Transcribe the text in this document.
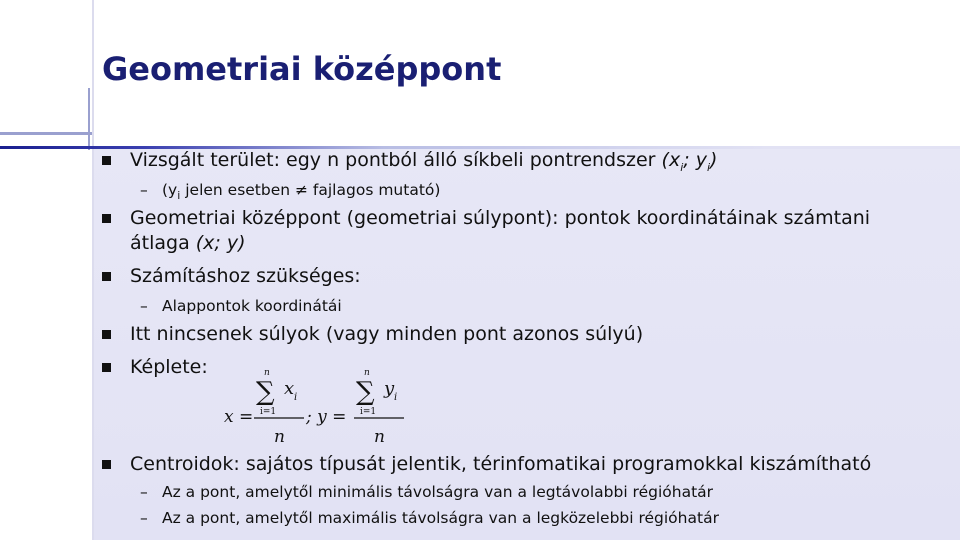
Geometriai középpont
Vizsgált terület: egy n pontból álló síkbeli pontrendszer ($x_i$; $y_i$)
– ($y_i$ jelen esetben ≠ fajlagos mutató)
Geometriai középpont (geometriai súlypont): pontok koordinátáinak számtani
átlaga (x; y)
Számításhoz szükséges:
– Alappontok koordinátái
Itt nincsenek súlyok (vagy minden pont azonos súlyú)
Képlete:
x =
n
∑
i=1
x i
n
; y =
n
∑
i=1
y i
n
Centroidok: sajátos típusát jelentik, térinfomatikai programokkal kiszámítható
– Az a pont, amelytől minimális távolságra van a legtávolabbi régióhatár
– Az a pont, amelytől maximális távolságra van a legközelebbi régióhatár
